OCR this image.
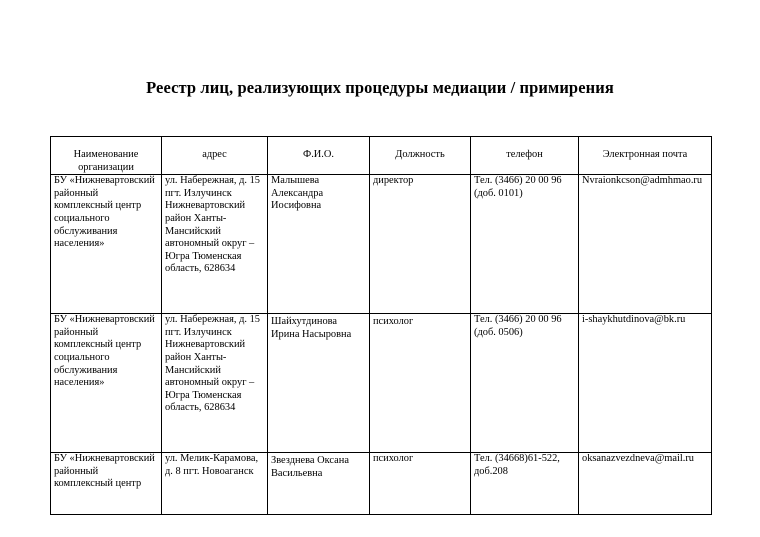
Реестр лиц, реализующих процедуры медиации / примирения
Наименование организации	адрес	Ф.И.О.	Должность	телефон	Электронная почта
БУ «Нижневартовский районный комплексный центр социального обслуживания населения»	ул. Набережная, д. 15 пгт. Излучинск Нижневартовский район Ханты-Мансийский автономный округ – Югра Тюменская область, 628634	Малышева Александра Иосифовна	директор	Тел. (3466) 20 00 96 (доб. 0101)	Nvraionkcson@admhmao.ru
БУ «Нижневартовский районный комплексный центр социального обслуживания населения»	ул. Набережная, д. 15 пгт. Излучинск Нижневартовский район Ханты-Мансийский автономный округ – Югра Тюменская область, 628634	Шайхутдинова Ирина Насыровна	психолог	Тел. (3466) 20 00 96 (доб. 0506)	i-shaykhutdinova@bk.ru
БУ «Нижневартовский районный комплексный центр	ул. Мелик-Карамова, д. 8 пгт. Новоаганск	Звезднева Оксана Васильевна	психолог	Тел. (34668)61-522, доб.208	oksanazvezdneva@mail.ru
